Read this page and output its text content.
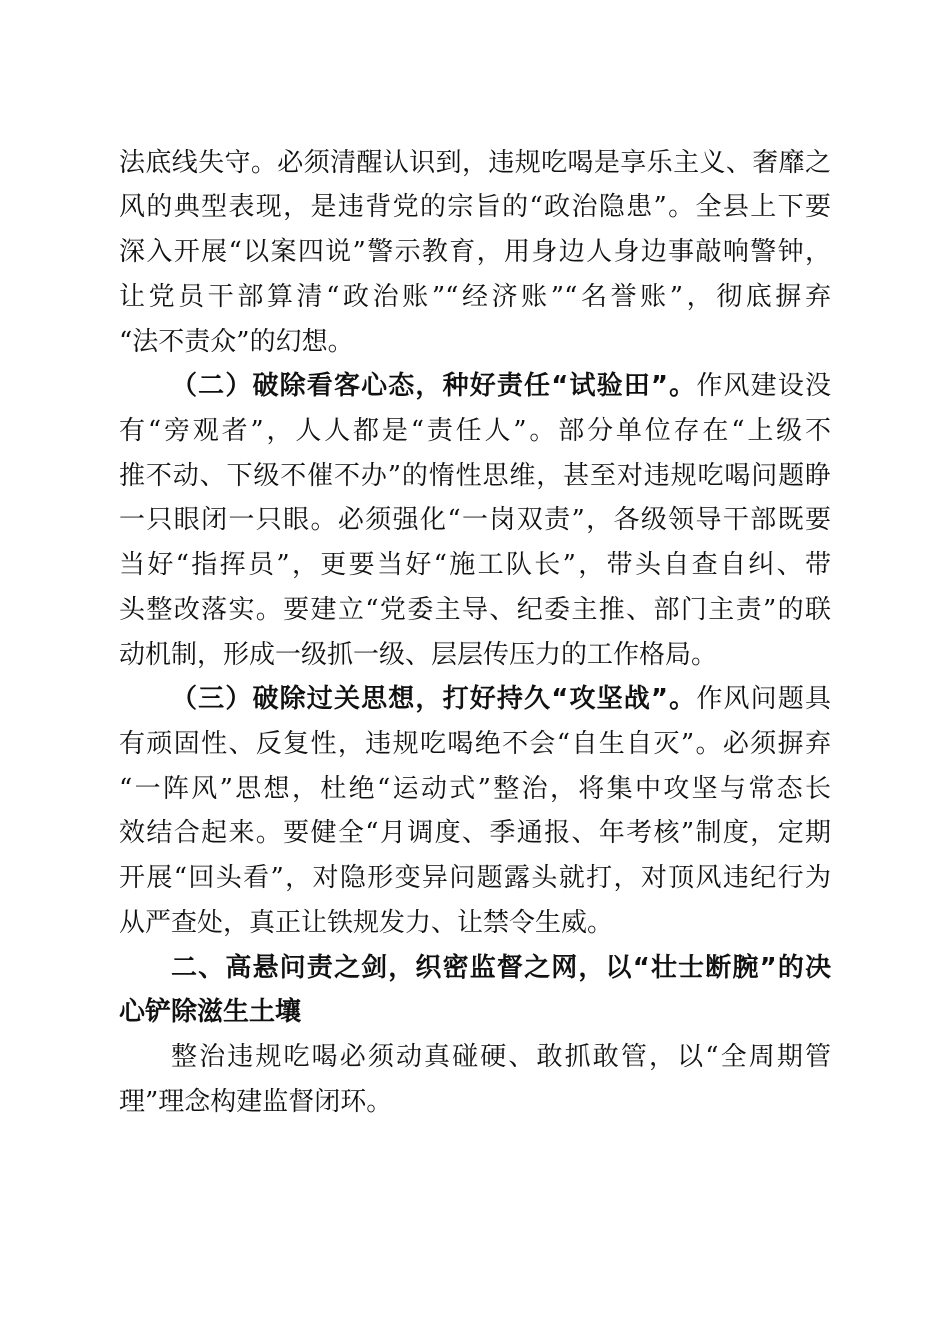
法底线失守。必须清醒认识到，违规吃喝是享乐主义、奢靡之
风的典型表现，是违背党的宗旨的“政治隐患”。全县上下要
深入开展“以案四说”警示教育，用身边人身边事敲响警钟，
让党员干部算清“政治账”“经济账”“名誉账”，彻底摒弃
“法不责众”的幻想。
（二）破除看客心态，种好责任“试验田”。作风建设没
有“旁观者”，人人都是“责任人”。部分单位存在“上级不
推不动、下级不催不办”的惰性思维，甚至对违规吃喝问题睁
一只眼闭一只眼。必须强化“一岗双责”，各级领导干部既要
当好“指挥员”，更要当好“施工队长”，带头自查自纠、带
头整改落实。要建立“党委主导、纪委主推、部门主责”的联
动机制，形成一级抓一级、层层传压力的工作格局。
（三）破除过关思想，打好持久“攻坚战”。作风问题具
有顽固性、反复性，违规吃喝绝不会“自生自灭”。必须摒弃
“一阵风”思想，杜绝“运动式”整治，将集中攻坚与常态长
效结合起来。要健全“月调度、季通报、年考核”制度，定期
开展“回头看”，对隐形变异问题露头就打，对顶风违纪行为
从严查处，真正让铁规发力、让禁令生威。
二、高悬问责之剑，织密监督之网，以“壮士断腕”的决
心铲除滋生土壤
整治违规吃喝必须动真碰硬、敢抓敢管，以“全周期管
理”理念构建监督闭环。
